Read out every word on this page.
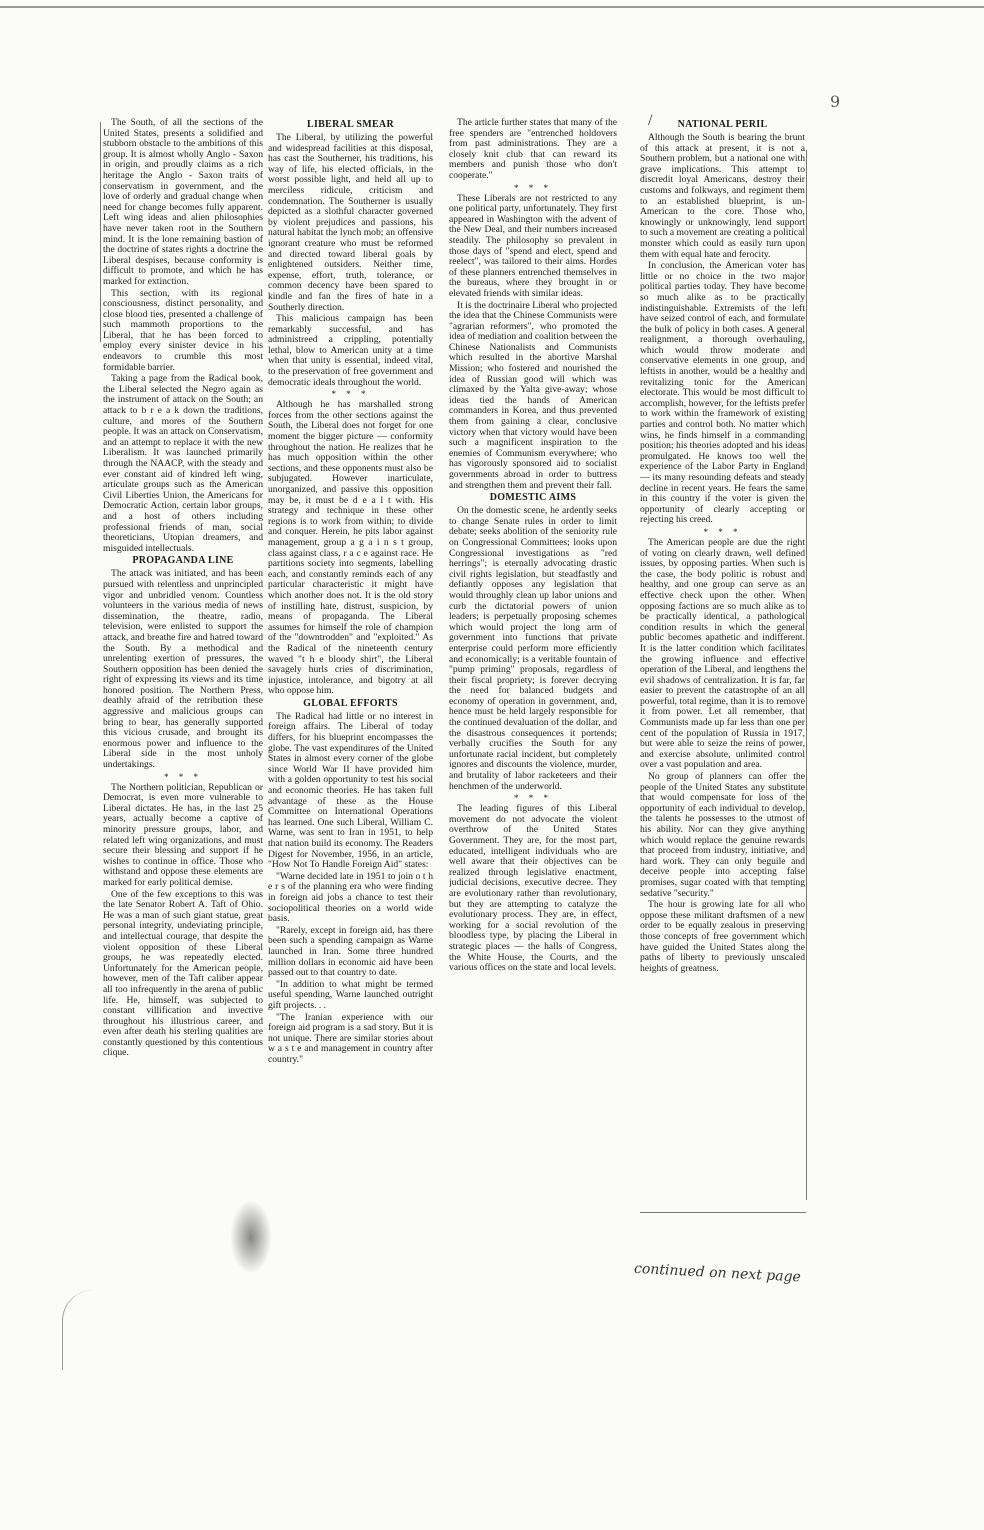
9
/

The South, of all the sections of the United States, presents a solidified and stubborn obstacle to the ambitions of this group. It is almost wholly Anglo - Saxon in origin, and proudly claims as a rich heritage the Anglo - Saxon traits of conservatism in government, and the love of orderly and gradual change when need for change becomes fully apparent. Left wing ideas and alien philosophies have never taken root in the Southern mind. It is the lone remaining bastion of the doctrine of states rights a doctrine the Liberal despises, because conformity is difficult to promote, and which he has marked for extinction.

This section, with its regional consciousness, distinct personality, and close blood ties, presented a challenge of such mammoth proportions to the Liberal, that he has been forced to employ every sinister device in his endeavors to crumble this most formidable barrier.

Taking a page from the Radical book, the Liberal selected the Negro again as the instrument of attack on the South; an attack to b r e a k down the traditions, culture, and mores of the Southern people. It was an attack on Conservatism, and an attempt to replace it with the new Liberalism. It was launched primarily through the NAACP, with the steady and ever constant aid of kindred left wing, articulate groups such as the American Civil Liberties Union, the Americans for Democratic Action, certain labor groups, and a host of others including professional friends of man, social theoreticians, Utopian dreamers, and misguided intellectuals.

PROPAGANDA LINE

The attack was initiated, and has been pursued with relentless and unprincipled vigor and unbridled venom. Countless volunteers in the various media of news dissemination, the theatre, radio, television, were enlisted to support the attack, and breathe fire and hatred toward the South. By a methodical and unrelenting exertion of pressures, the Southern opposition has been denied the right of expressing its views and its time honored position. The Northern Press, deathly afraid of the retribution these aggressive and malicious groups can bring to bear, has generally supported this vicious crusade, and brought its enormous power and influence to the Liberal side in the most unholy undertakings.

* * *

The Northern politician, Republican or Democrat, is even more vulnerable to Liberal dictates. He has, in the last 25 years, actually become a captive of minority pressure groups, labor, and related left wing organizations, and must secure their blessing and support if he wishes to continue in office. Those who withstand and oppose these elements are marked for early political demise.

One of the few exceptions to this was the late Senator Robert A. Taft of Ohio. He was a man of such giant statue, great personal integrity, undeviating principle, and intellectual courage, that despite the violent opposition of these Liberal groups, he was repeatedly elected. Unfortunately for the American people, however, men of the Taft caliber appear all too infrequently in the arena of public life. He, himself, was subjected to constant villification and invective throughout his illustrious career, and even after death his sterling qualities are constantly questioned by this contentious clique.

LIBERAL SMEAR

The Liberal, by utilizing the powerful and widespread facilities at this disposal, has cast the Southerner, his traditions, his way of life, his elected officials, in the worst possible light, and held all up to merciless ridicule, criticism and condemnation. The Southerner is usually depicted as a slothful character governed by violent prejudices and passions, his natural habitat the lynch mob; an offensive ignorant creature who must be reformed and directed toward liberal goals by enlightened outsiders. Neither time, expense, effort, truth, tolerance, or common decency have been spared to kindle and fan the fires of hate in a Southerly direction.

This malicious campaign has been remarkably successful, and has administreed a crippling, potentially lethal, blow to American unity at a time when that unity is essential, indeed vital, to the preservation of free government and democratic ideals throughout the world.

* * *

Although he has marshalled strong forces from the other sections against the South, the Liberal does not forget for one moment the bigger picture — conformity throughout the nation. He realizes that he has much opposition within the other sections, and these opponents must also be subjugated. However inarticulate, unorganized, and passive this opposition may be, it must be d e a l t with. His strategy and technique in these other regions is to work from within; to divide and conquer. Herein, he pits labor against management, group a g a i n s t group, class against class, r a c e against race. He partitions society into segments, labelling each, and constantly reminds each of any particular characteristic it might have which another does not. It is the old story of instilling hate, distrust, suspicion, by means of propaganda. The Liberal assumes for himself the role of champion of the "downtrodden" and "exploited." As the Radical of the nineteenth century waved "t h e bloody shirt", the Liberal savagely hurls cries of discrimination, injustice, intolerance, and bigotry at all who oppose him.

GLOBAL EFFORTS

The Radical had little or no interest in foreign affairs. The Liberal of today differs, for his blueprint encompasses the globe. The vast expenditures of the United States in almost every corner of the globe since World War II have provided him with a golden opportunity to test his social and economic theories. He has taken full advantage of these as the House Committee on International Operations has learned. One such Liberal, William C. Warne, was sent to Iran in 1951, to help that nation build its economy. The Readers Digest for November, 1956, in an article, "How Not To Handle Foreign Aid" states:

"Warne decided late in 1951 to join o t h e r s of the planning era who were finding in foreign aid jobs a chance to test their sociopolitical theories on a world wide basis.

"Rarely, except in foreign aid, has there been such a spending campaign as Warne launched in Iran. Some three hundred million dollars in economic aid have been passed out to that country to date.

"In addition to what might be termed useful spending, Warne launched outright gift projects. . .

"The Iranian experience with our foreign aid program is a sad story. But it is not unique. There are similar stories about w a s t e and management in country after country."

The article further states that many of the free spenders are "entrenched holdovers from past administrations. They are a closely knit club that can reward its members and punish those who don't cooperate."

* * *

These Liberals are not restricted to any one political party, unfortunately. They first appeared in Washington with the advent of the New Deal, and their numbers increased steadily. The philosophy so prevalent in those days of "spend and elect, spend and reelect", was tailored to their aims. Hordes of these planners entrenched themselves in the bureaus, where they brought in or elevated friends with similar ideas.

It is the doctrinaire Liberal who projected the idea that the Chinese Communists were "agrarian reformers", who promoted the idea of mediation and coalition between the Chinese Nationalists and Communists which resulted in the abortive Marshal Mission; who fostered and nourished the idea of Russian good will which was climaxed by the Yalta give-away; whose ideas tied the hands of American commanders in Korea, and thus prevented them from gaining a clear, conclusive victory when that victory would have been such a magnificent inspiration to the enemies of Communism everywhere; who has vigorously sponsored aid to socialist governments abroad in order to buttress and strengthen them and prevent their fall.

DOMESTIC AIMS

On the domestic scene, he ardently seeks to change Senate rules in order to limit debate; seeks abolition of the seniority rule on Congressional Committees; looks upon Congressional investigations as "red herrings"; is eternally advocating drastic civil rights legislation, but steadfastly and defiantly opposes any legislation that would throughly clean up labor unions and curb the dictatorial powers of union leaders; is perpetually proposing schemes which would project the long arm of government into functions that private enterprise could perform more efficiently and economically; is a veritable fountain of "pump priming" proposals, regardless of their fiscal propriety; is forever decrying the need for balanced budgets and economy of operation in government, and, hence must be held largely responsible for the continued devaluation of the dollar, and the disastrous consequences it portends; verbally crucifies the South for any unfortunate racial incident, but completely ignores and discounts the violence, murder, and brutality of labor racketeers and their henchmen of the underworld.

* * *

The leading figures of this Liberal movement do not advocate the violent overthrow of the United States Government. They are, for the most part, educated, intelligent individuals who are well aware that their objectives can be realized through legislative enactment, judicial decisions, executive decree. They are evolutionary rather than revolutionary, but they are attempting to catalyze the evolutionary process. They are, in effect, working for a social revolution of the bloodless type, by placing the Liberal in strategic places — the halls of Congress, the White House, the Courts, and the various offices on the state and local levels.

NATIONAL PERIL

Although the South is bearing the brunt of this attack at present, it is not a Southern problem, but a national one with grave implications. This attempt to discredit loyal Americans, destroy their customs and folkways, and regiment them to an established blueprint, is un-American to the core. Those who, knowingly or unknowingly, lend support to such a movement are creating a political monster which could as easily turn upon them with equal hate and ferocity.

In conclusion, the American voter has little or no choice in the two major political parties today. They have become so much alike as to be practically indistinguishable. Extremists of the left have seized control of each, and formulate the bulk of policy in both cases. A general realignment, a thorough overhauling, which would throw moderate and conservative elements in one group, and leftists in another, would be a healthy and revitalizing tonic for the American electorate. This would be most difficult to accomplish, however, for the leftists prefer to work within the framework of existing parties and control both. No matter which wins, he finds himself in a commanding position; his theories adopted and his ideas promulgated. He knows too well the experience of the Labor Party in England — its many resounding defeats and steady decline in recent years. He fears the same in this country if the voter is given the opportunity of clearly accepting or rejecting his creed.

* * *

The American people are due the right of voting on clearly drawn, well defined issues, by opposing parties. When such is the case, the body politic is robust and healthy, and one group can serve as an effective check upon the other. When opposing factions are so much alike as to be practically identical, a pathological condition results in which the general public becomes apathetic and indifferent. It is the latter condition which facilitates the growing influence and effective operation of the Liberal, and lengthens the evil shadows of centralization. It is far, far easier to prevent the catastrophe of an all powerful, total regime, than it is to remove it from power. Let all remember, that Communists made up far less than one per cent of the population of Russia in 1917, but were able to seize the reins of power, and exercise absolute, unlimited control over a vast population and area.

No group of planners can offer the people of the United States any substitute that would compensate for loss of the opportunity of each individual to develop, the talents he possesses to the utmost of his ability. Nor can they give anything which would replace the genuine rewards that proceed from industry, initiative, and hard work. They can only beguile and deceive people into accepting false promises, sugar coated with that tempting sedative "security."

The hour is growing late for all who oppose these militant draftsmen of a new order to be equally zealous in preserving those concepts of free government which have guided the United States along the paths of liberty to previously unscaled heights of greatness.

continued on next page
